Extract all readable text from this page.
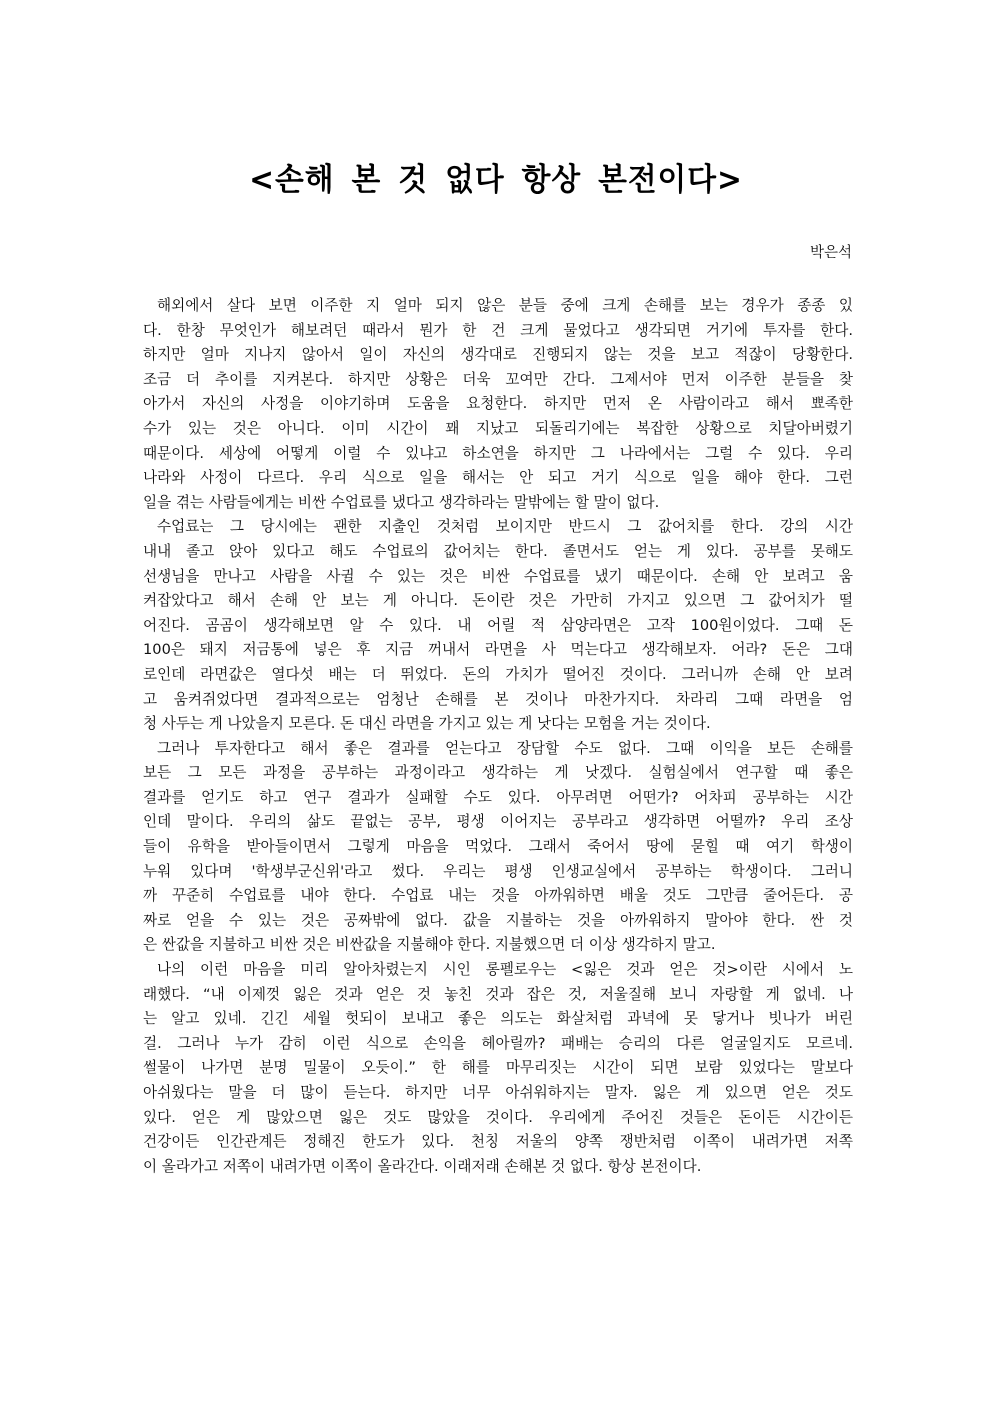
<손해 본 것 없다 항상 본전이다>
박은석
해외에서 살다 보면 이주한 지 얼마 되지 않은 분들 중에 크게 손해를 보는 경우가 종종 있
다. 한창 무엇인가 해보려던 때라서 뭔가 한 건 크게 물었다고 생각되면 거기에 투자를 한다.
하지만 얼마 지나지 않아서 일이 자신의 생각대로 진행되지 않는 것을 보고 적잖이 당황한다.
조금 더 추이를 지켜본다. 하지만 상황은 더욱 꼬여만 간다. 그제서야 먼저 이주한 분들을 찾
아가서 자신의 사정을 이야기하며 도움을 요청한다. 하지만 먼저 온 사람이라고 해서 뾰족한
수가 있는 것은 아니다. 이미 시간이 꽤 지났고 되돌리기에는 복잡한 상황으로 치달아버렸기
때문이다. 세상에 어떻게 이럴 수 있냐고 하소연을 하지만 그 나라에서는 그럴 수 있다. 우리
나라와 사정이 다르다. 우리 식으로 일을 해서는 안 되고 거기 식으로 일을 해야 한다. 그런
일을 겪는 사람들에게는 비싼 수업료를 냈다고 생각하라는 말밖에는 할 말이 없다.
수업료는 그 당시에는 괜한 지출인 것처럼 보이지만 반드시 그 값어치를 한다. 강의 시간
내내 졸고 앉아 있다고 해도 수업료의 값어치는 한다. 졸면서도 얻는 게 있다. 공부를 못해도
선생님을 만나고 사람을 사귈 수 있는 것은 비싼 수업료를 냈기 때문이다. 손해 안 보려고 움
켜잡았다고 해서 손해 안 보는 게 아니다. 돈이란 것은 가만히 가지고 있으면 그 값어치가 떨
어진다. 곰곰이 생각해보면 알 수 있다. 내 어릴 적 삼양라면은 고작 100원이었다. 그때 돈
100은 돼지 저금통에 넣은 후 지금 꺼내서 라면을 사 먹는다고 생각해보자. 어라? 돈은 그대
로인데 라면값은 열다섯 배는 더 뛰었다. 돈의 가치가 떨어진 것이다. 그러니까 손해 안 보려
고 움켜쥐었다면 결과적으로는 엄청난 손해를 본 것이나 마찬가지다. 차라리 그때 라면을 엄
청 사두는 게 나았을지 모른다. 돈 대신 라면을 가지고 있는 게 낫다는 모험을 거는 것이다.
그러나 투자한다고 해서 좋은 결과를 얻는다고 장담할 수도 없다. 그때 이익을 보든 손해를
보든 그 모든 과정을 공부하는 과정이라고 생각하는 게 낫겠다. 실험실에서 연구할 때 좋은
결과를 얻기도 하고 연구 결과가 실패할 수도 있다. 아무려면 어떤가? 어차피 공부하는 시간
인데 말이다. 우리의 삶도 끝없는 공부, 평생 이어지는 공부라고 생각하면 어떨까? 우리 조상
들이 유학을 받아들이면서 그렇게 마음을 먹었다. 그래서 죽어서 땅에 묻힐 때 여기 학생이
누워 있다며 '학생부군신위'라고 썼다. 우리는 평생 인생교실에서 공부하는 학생이다. 그러니
까 꾸준히 수업료를 내야 한다. 수업료 내는 것을 아까워하면 배울 것도 그만큼 줄어든다. 공
짜로 얻을 수 있는 것은 공짜밖에 없다. 값을 지불하는 것을 아까워하지 말아야 한다. 싼 것
은 싼값을 지불하고 비싼 것은 비싼값을 지불해야 한다. 지불했으면 더 이상 생각하지 말고.
나의 이런 마음을 미리 알아차렸는지 시인 롱펠로우는 <잃은 것과 얻은 것>이란 시에서 노
래했다. “내 이제껏 잃은 것과 얻은 것 놓친 것과 잡은 것, 저울질해 보니 자랑할 게 없네. 나
는 알고 있네. 긴긴 세월 헛되이 보내고 좋은 의도는 화살처럼 과녁에 못 닿거나 빗나가 버린
걸. 그러나 누가 감히 이런 식으로 손익을 헤아릴까? 패배는 승리의 다른 얼굴일지도 모르네.
썰물이 나가면 분명 밀물이 오듯이.” 한 해를 마무리짓는 시간이 되면 보람 있었다는 말보다
아쉬웠다는 말을 더 많이 듣는다. 하지만 너무 아쉬워하지는 말자. 잃은 게 있으면 얻은 것도
있다. 얻은 게 많았으면 잃은 것도 많았을 것이다. 우리에게 주어진 것들은 돈이든 시간이든
건강이든 인간관계든 정해진 한도가 있다. 천칭 저울의 양쪽 쟁반처럼 이쪽이 내려가면 저쪽
이 올라가고 저쪽이 내려가면 이쪽이 올라간다. 이래저래 손해본 것 없다. 항상 본전이다.
